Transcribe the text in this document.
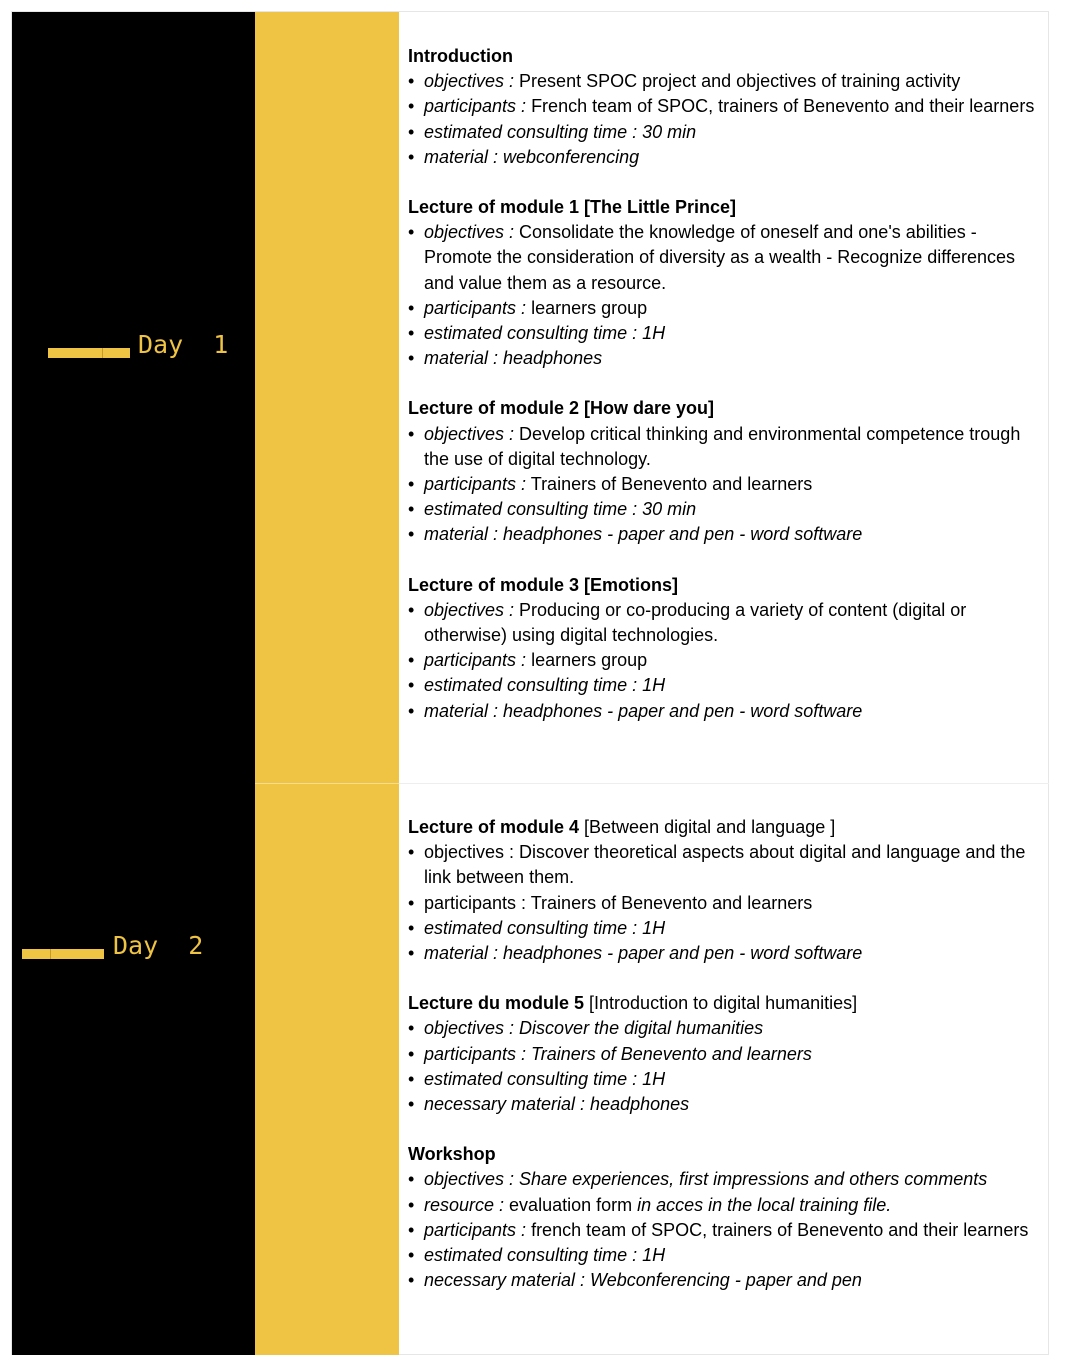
Day  1
Day  2
Introduction
• objectives : Present SPOC project and objectives of training activity
• participants : French team of SPOC, trainers of Benevento and their learners
• estimated consulting time : 30 min
• material : webconferencing
Lecture of module 1 [The Little Prince]
• objectives : Consolidate the knowledge of oneself and one's abilities - Promote the consideration of diversity as a wealth - Recognize differences and value them as a resource.
• participants : learners group
• estimated consulting time : 1H
• material : headphones
Lecture of module 2 [How dare you]
• objectives : Develop critical thinking and environmental competence trough the use of digital technology.
• participants : Trainers of Benevento and learners
• estimated consulting time : 30 min
• material : headphones - paper and pen - word software
Lecture of module 3 [Emotions]
• objectives : Producing or co-producing a variety of content (digital or otherwise) using digital technologies.
• participants : learners group
• estimated consulting time : 1H
• material : headphones - paper and pen - word software
Lecture of module 4 [Between digital and language ]
• objectives : Discover theoretical aspects about digital and language and the link between them.
• participants : Trainers of Benevento and learners
• estimated consulting time : 1H
• material : headphones - paper and pen - word software
Lecture du module 5 [Introduction to digital humanities]
• objectives : Discover the digital humanities
• participants : Trainers of Benevento and learners
• estimated consulting time : 1H
• necessary material : headphones
Workshop
• objectives : Share experiences, first impressions and others comments
• resource : evaluation form in acces in the local training file.
• participants : french team of SPOC, trainers of Benevento and their learners
• estimated consulting time : 1H
• necessary material : Webconferencing - paper and pen
